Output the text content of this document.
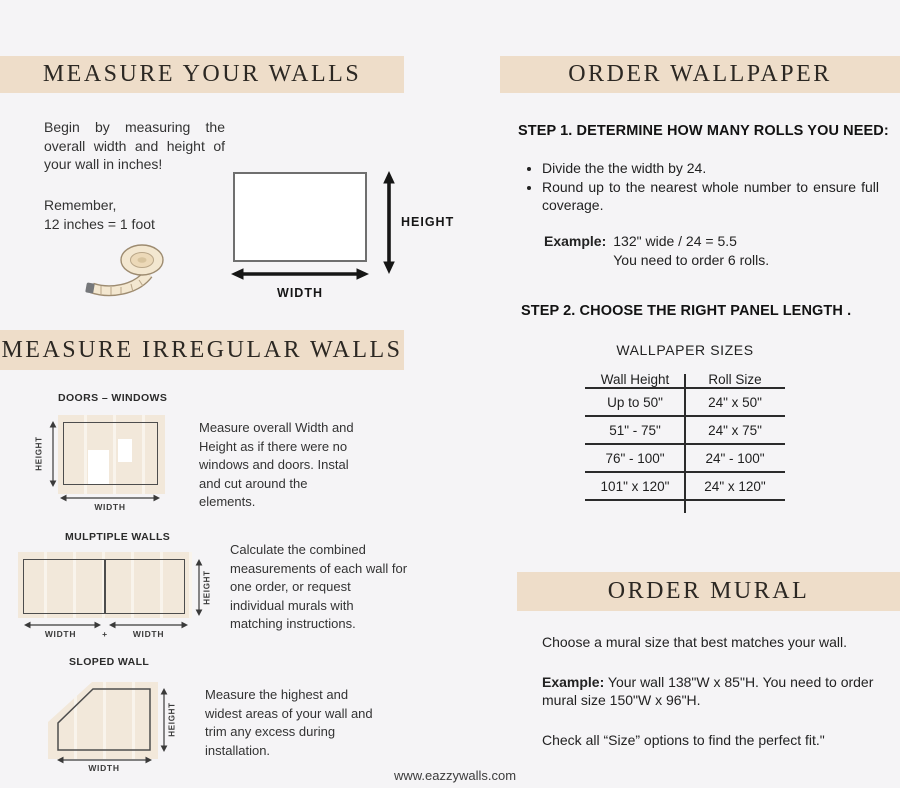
MEASURE YOUR WALLS
Begin by measuring the overall width and height of your wall in inches!
Remember,
12 inches = 1 foot	HEIGHT
WIDTH
MEASURE IRREGULAR WALLS
DOORS – WINDOWS
HEIGHT
WIDTH
Measure overall Width and Height as if there were no windows and doors. Instal and cut around the elements.
MULPTIPLE WALLS
HEIGHT
WIDTH	+	WIDTH
Calculate the combined measurements of each wall for one order, or request individual murals with matching instructions.
SLOPED WALL
HEIGHT
WIDTH
Measure the highest and widest areas of your wall and trim any excess during installation.
ORDER WALLPAPER
STEP 1. DETERMINE HOW MANY ROLLS YOU NEED:
• Divide the the width by 24.
• Round up to the nearest whole number to ensure full coverage.
Example: 132" wide / 24 = 5.5
You need to order 6 rolls.
STEP 2. CHOOSE THE RIGHT PANEL LENGTH .
WALLPAPER SIZES
Wall Height	Roll Size
Up to 50"	24" x 50"
51" - 75"	24" x 75"
76" - 100"	24" - 100"
101" x 120"	24" x 120"
ORDER MURAL

Choose a mural size that best matches your wall.

Example: Your wall 138"W x 85"H. You need to order mural size 150"W x 96"H.

Check all “Size” options to find the perfect fit."

www.eazzywalls.com
